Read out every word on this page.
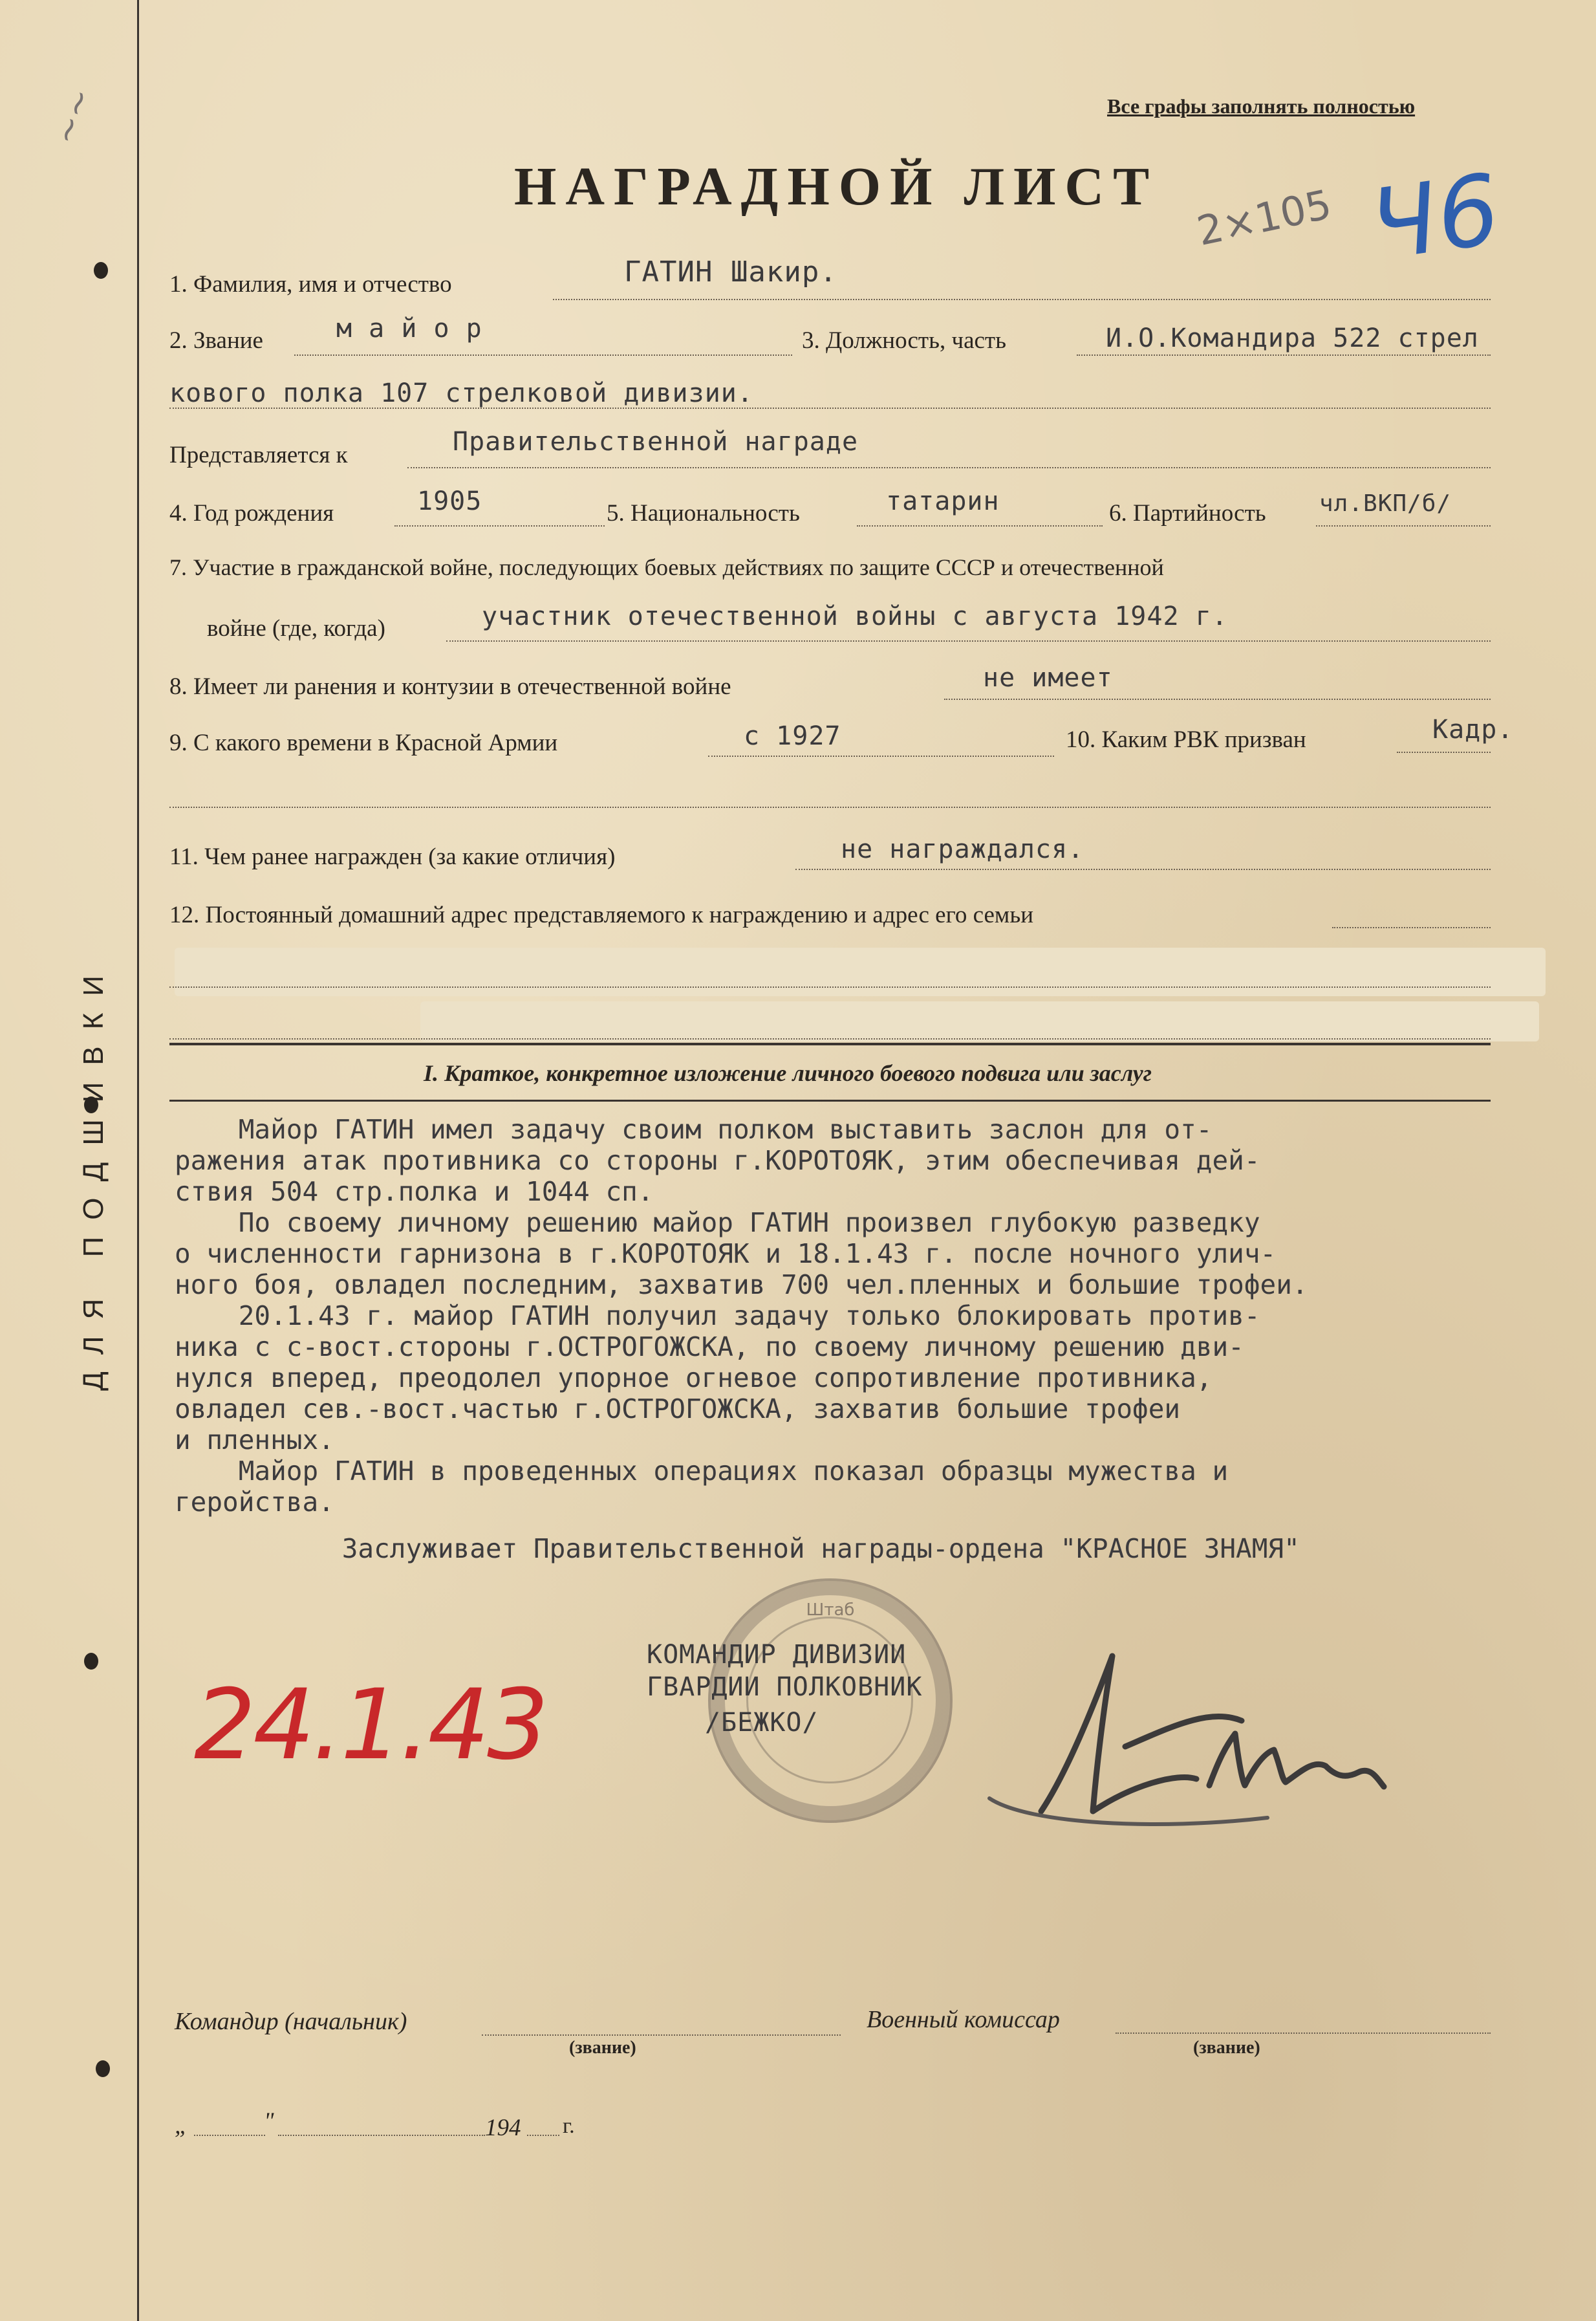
ДЛЯ ПОДШИВКИ
~~	Все графы заполнять полностью
НАГРАДНОЙ ЛИСТ 2×105 Ч6
1. Фамилия, имя и отчество	ГАТИН Шакир.
2. Звание	м а й о р	3. Должность, часть	И.О.Командира 522 стрел
кового полка 107 стрелковой дивизии.
Представляется к	Правительственной награде
4. Год рождения	1905	5. Национальность	татарин	6. Партийность чл.ВКП/б/
7. Участие в гражданской войне, последующих боевых действиях по защите СССР и отечественной
войне (где, когда)	участник отечественной войны с августа 1942 г.
8. Имеет ли ранения и контузии в отечественной войне	не имеет
9. С какого времени в Красной Армии	с 1927	10. Каким РВК призван	Кадр.
11. Чем ранее награжден (за какие отличия)	не награждался.
12. Постоянный домашний адрес представляемого к награждению и адрес его семьи
I. Краткое, конкретное изложение личного боевого подвига или заслуг
Майор ГАТИН имел задачу своим полком выставить заслон для от-
ражения атак противника со стороны г.КОРОТОЯК, этим обеспечивая дей-
ствия 504 стр.полка и 1044 сп.
По своему личному решению майор ГАТИН произвел глубокую разведку
о численности гарнизона в г.КОРОТОЯК и 18.1.43 г. после ночного улич-
ного боя, овладел последним, захватив 700 чел.пленных и большие трофеи.
20.1.43 г. майор ГАТИН получил задачу только блокировать против-
ника с с-вост.стороны г.ОСТРОГОЖСКА, по своему личному решению дви-
нулся вперед, преодолел упорное огневое сопротивление противника,
овладел сев.-вост.частью г.ОСТРОГОЖСКА, захватив большие трофеи
и пленных.
Майор ГАТИН в проведенных операциях показал образцы мужества и
геройства.
Заслуживает Правительственной награды-ордена "КРАСНОЕ ЗНАМЯ"
Штаб
КОМАНДИР ДИВИЗИИ
ГВАРДИИ ПОЛКОВНИК
/БЕЖКО/
24.1.43
Командир (начальник)
(звание)
Военный комиссар
(звание)
„	"	194 г.
